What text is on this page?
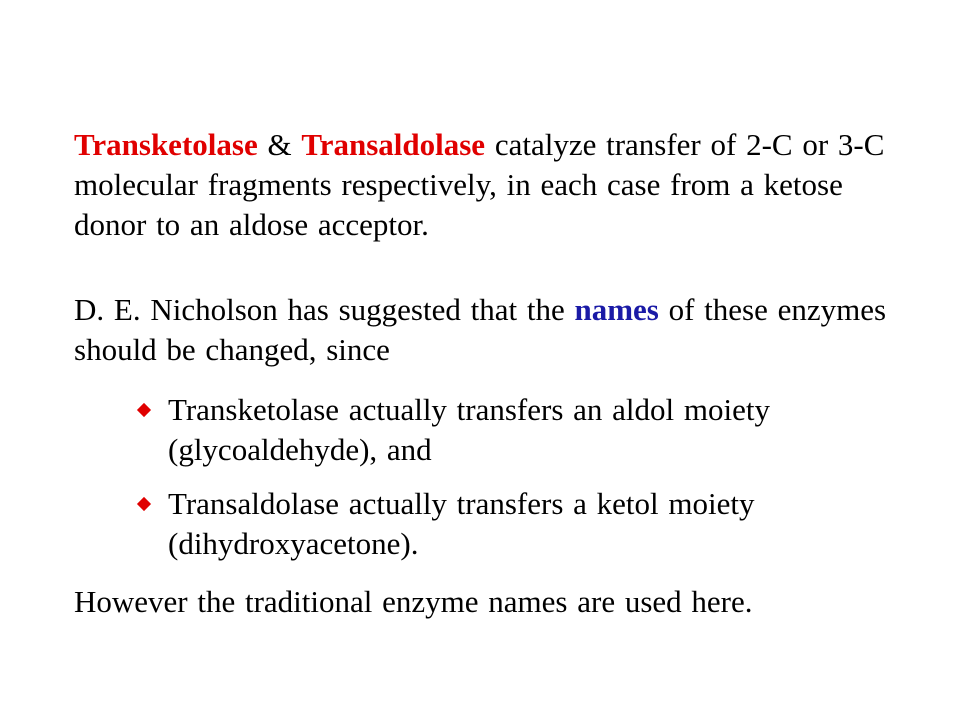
Transketolase & Transaldolase catalyze transfer of 2-C or 3-C molecular fragments respectively, in each case from a ketose donor to an aldose acceptor.
D. E. Nicholson has suggested that the names of these enzymes should be changed, since
Transketolase actually transfers an aldol moiety (glycoaldehyde), and
Transaldolase actually transfers a ketol moiety (dihydroxyacetone).
However the traditional enzyme names are used here.
